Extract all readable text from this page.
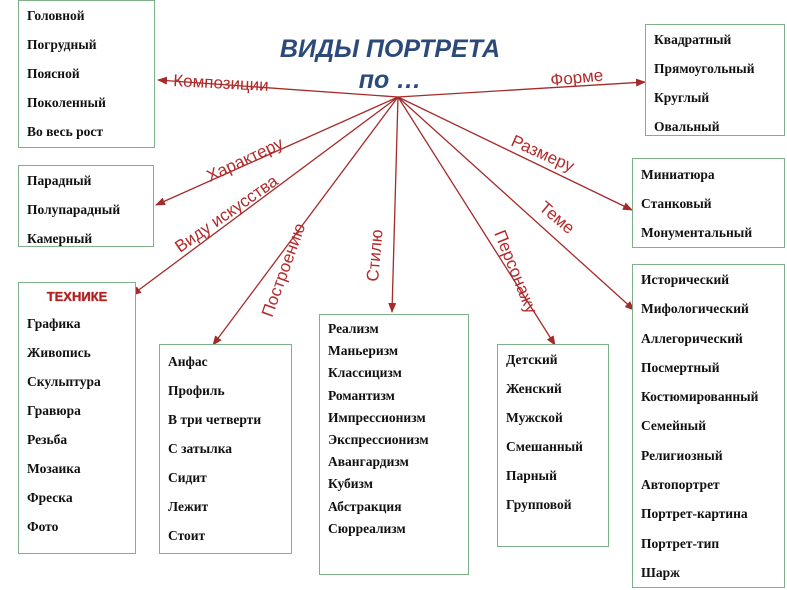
Композиции	Форме
Характеру	Размеру
Виду искусства	Теме
Построению	Стилю	Персонажу
ВИДЫ ПОРТРЕТА
по …
Головной
Погрудный
Поясной
Поколенный
Во весь рост
Квадратный
Прямоугольный
Круглый
Овальный
Парадный
Полупарадный
Камерный
Миниатюра
Станковый
Монументальный
ТЕХНИКЕ
Графика
Живопись
Скульптура
Гравюра
Резьба
Мозаика
Фреска
Фото
Анфас
Профиль
В три четверти
С затылка
Сидит
Лежит
Стоит
Реализм
Маньеризм
Классицизм
Романтизм
Импрессионизм
Экспрессионизм
Авангардизм
Кубизм
Абстракция
Сюрреализм
Детский
Женский
Мужской
Смешанный
Парный
Групповой
Исторический
Мифологический
Аллегорический
Посмертный
Костюмированный
Семейный
Религиозный
Автопортрет
Портрет-картина
Портрет-тип
Шарж
